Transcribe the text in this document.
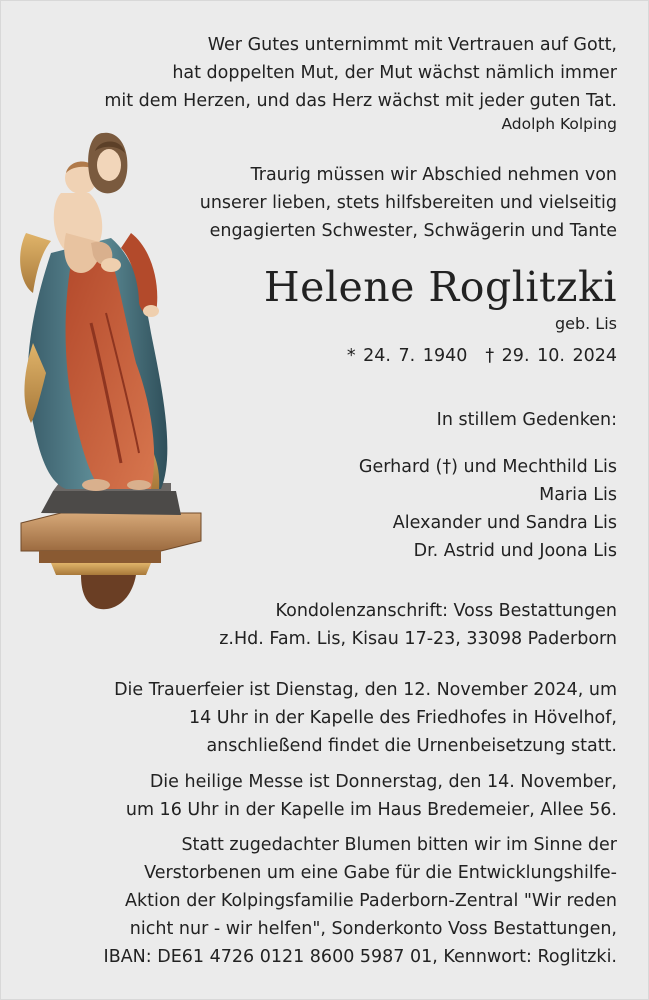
Wer Gutes unternimmt mit Vertrauen auf Gott,
hat doppelten Mut, der Mut wächst nämlich immer
mit dem Herzen, und das Herz wächst mit jeder guten Tat.
Adolph Kolping
Traurig müssen wir Abschied nehmen von
unserer lieben, stets hilfsbereiten und vielseitig
engagierten Schwester, Schwägerin und Tante
Helene Roglitzki
geb. Lis
* 24. 7. 1940 † 29. 10. 2024
In stillem Gedenken:
Gerhard (†) und Mechthild Lis
Maria Lis
Alexander und Sandra Lis
Dr. Astrid und Joona Lis
Kondolenzanschrift: Voss Bestattungen
z.Hd. Fam. Lis, Kisau 17-23, 33098 Paderborn
Die Trauerfeier ist Dienstag, den 12. November 2024, um
14 Uhr in der Kapelle des Friedhofes in Hövelhof,
anschließend findet die Urnenbeisetzung statt.
Die heilige Messe ist Donnerstag, den 14. November,
um 16 Uhr in der Kapelle im Haus Bredemeier, Allee 56.
Statt zugedachter Blumen bitten wir im Sinne der
Verstorbenen um eine Gabe für die Entwicklungshilfe-
Aktion der Kolpingsfamilie Paderborn-Zentral "Wir reden
nicht nur - wir helfen", Sonderkonto Voss Bestattungen,
IBAN: DE61 4726 0121 8600 5987 01, Kennwort: Roglitzki.
